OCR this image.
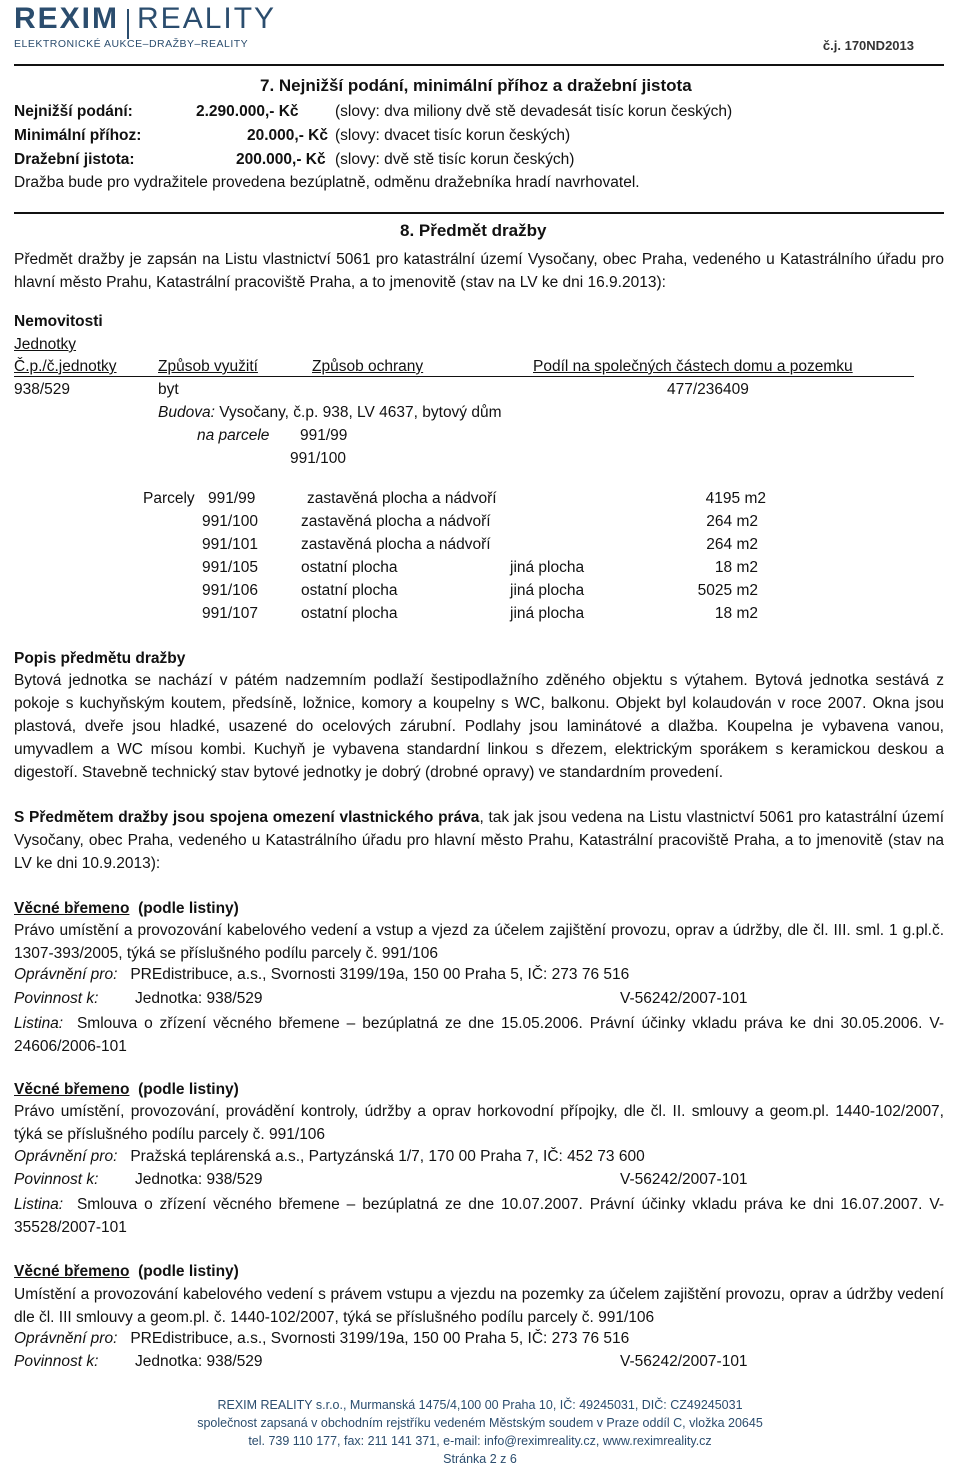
REXIM REALITY
ELEKTRONICKÉ AUKCE–DRAŽBY–REALITY	č.j. 170ND2013
7. Nejnižší podání, minimální příhoz a dražební jistota
Nejnižší podání:	2.290.000,- Kč (slovy: dva miliony dvě stě devadesát tisíc korun českých)
Minimální příhoz:	20.000,- Kč (slovy: dvacet tisíc korun českých)
Dražební jistota:	200.000,- Kč (slovy: dvě stě tisíc korun českých)
Dražba bude pro vydražitele provedena bezúplatně, odměnu dražebníka hradí navrhovatel.
8. Předmět dražby
Předmět dražby je zapsán na Listu vlastnictví 5061 pro katastrální území Vysočany, obec Praha, vedeného u Katastrálního úřadu pro hlavní město Prahu, Katastrální pracoviště Praha, a to jmenovitě (stav na LV ke dni 16.9.2013):
Nemovitosti
Jednotky
Č.p./č.jednotky	Způsob využití	Způsob ochrany	Podíl na společných částech domu a pozemku
938/529	byt	477/236409
Budova: Vysočany, č.p. 938, LV 4637, bytový dům
na parcele 991/99
991/100
Parcely 991/99	zastavěná plocha a nádvoří	4195 m2
991/100	zastavěná plocha a nádvoří	264 m2
991/101	zastavěná plocha a nádvoří	264 m2
991/105	ostatní plocha	jiná plocha	18 m2
991/106	ostatní plocha	jiná plocha	5025 m2
991/107	ostatní plocha	jiná plocha	18 m2
Popis předmětu dražby
Bytová jednotka se nachází v pátém nadzemním podlaží šestipodlažního zděného objektu s výtahem. Bytová jednotka sestává z pokoje s kuchyňským koutem, předsíně, ložnice, komory a koupelny s WC, balkonu. Objekt byl kolaudován v roce 2007. Okna jsou plastová, dveře jsou hladké, usazené do ocelových zárubní. Podlahy jsou laminátové a dlažba. Koupelna je vybavena vanou, umyvadlem a WC mísou kombi. Kuchyň je vybavena standardní linkou s dřezem, elektrickým sporákem s keramickou deskou a digestoří. Stavebně technický stav bytové jednotky je dobrý (drobné opravy) ve standardním provedení.
S Předmětem dražby jsou spojena omezení vlastnického práva, tak jak jsou vedena na Listu vlastnictví 5061 pro katastrální území Vysočany, obec Praha, vedeného u Katastrálního úřadu pro hlavní město Prahu, Katastrální pracoviště Praha, a to jmenovitě (stav na LV ke dni 10.9.2013):
Věcné břemeno (podle listiny)
Právo umístění a provozování kabelového vedení a vstup a vjezd za účelem zajištění provozu, oprav a údržby, dle čl. III. sml. 1 g.pl.č. 1307-393/2005, týká se příslušného podílu parcely č. 991/106
Oprávnění pro: PREdistribuce, a.s., Svornosti 3199/19a, 150 00 Praha 5, IČ: 273 76 516
Povinnost k: Jednotka: 938/529	V-56242/2007-101
Listina: Smlouva o zřízení věcného břemene – bezúplatná ze dne 15.05.2006. Právní účinky vkladu práva ke dni 30.05.2006. V-24606/2006-101
Věcné břemeno (podle listiny)
Právo umístění, provozování, provádění kontroly, údržby a oprav horkovodní přípojky, dle čl. II. smlouvy a geom.pl. 1440-102/2007, týká se příslušného podílu parcely č. 991/106
Oprávnění pro: Pražská teplárenská a.s., Partyzánská 1/7, 170 00 Praha 7, IČ: 452 73 600
Povinnost k: Jednotka: 938/529	V-56242/2007-101
Listina: Smlouva o zřízení věcného břemene – bezúplatná ze dne 10.07.2007. Právní účinky vkladu práva ke dni 16.07.2007. V-35528/2007-101
Věcné břemeno (podle listiny)
Umístění a provozování kabelového vedení s právem vstupu a vjezdu na pozemky za účelem zajištění provozu, oprav a údržby vedení dle čl. III smlouvy a geom.pl. č. 1440-102/2007, týká se příslušného podílu parcely č. 991/106
Oprávnění pro: PREdistribuce, a.s., Svornosti 3199/19a, 150 00 Praha 5, IČ: 273 76 516
Povinnost k: Jednotka: 938/529	V-56242/2007-101
REXIM REALITY s.r.o., Murmanská 1475/4,100 00 Praha 10, IČ: 49245031, DIČ: CZ49245031
společnost zapsaná v obchodním rejstříku vedeném Městským soudem v Praze oddíl C, vložka 20645
tel. 739 110 177, fax: 211 141 371, e-mail: info@reximreality.cz, www.reximreality.cz
Stránka 2 z 6
